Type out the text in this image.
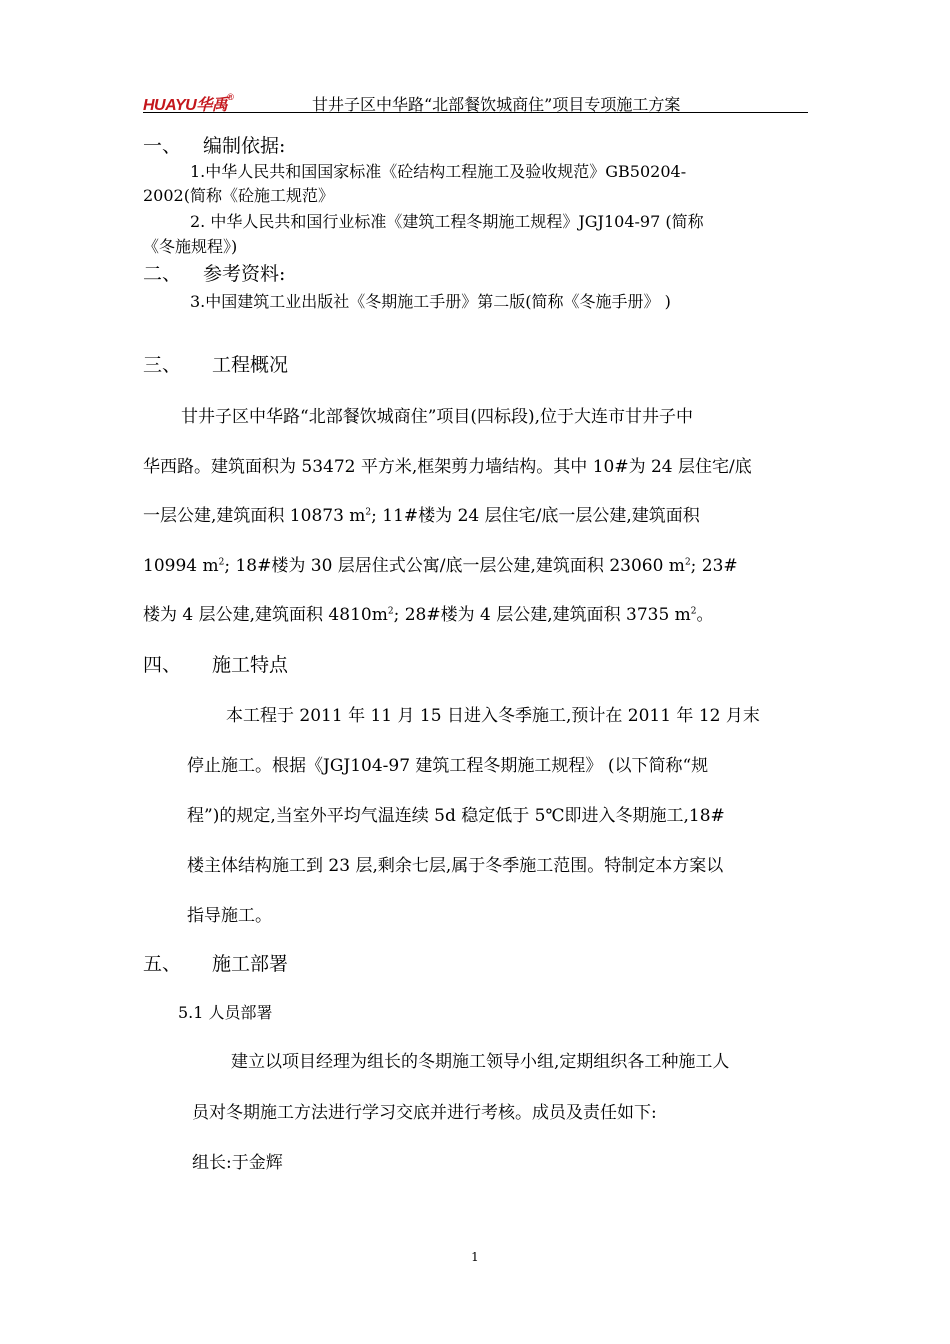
HUAYU华禹®	甘井子区中华路“北部餐饮城商住”项目专项施工方案
一、 编制依据:
1.中华人民共和国国家标准《砼结构工程施工及验收规范》GB50204-
2002(简称《砼施工规范》
2. 中华人民共和国行业标准《建筑工程冬期施工规程》JGJ104-97 (简称
《冬施规程》)
二、 参考资料:
3.中国建筑工业出版社《冬期施工手册》第二版(简称《冬施手册》 )
三、 工程概况
甘井子区中华路“北部餐饮城商住”项目(四标段),位于大连市甘井子中
华西路。建筑面积为 53472 平方米,框架剪力墙结构。其中 10#为 24 层住宅/底
一层公建,建筑面积 10873 $m^2$; 11#楼为 24 层住宅/底一层公建,建筑面积
10994 $m^2$; 18#楼为 30 层居住式公寓/底一层公建,建筑面积 23060 $m^2$; 23#
楼为 4 层公建,建筑面积 $4810m^2$; 28#楼为 4 层公建,建筑面积 3735 $m^2$。
四、 施工特点
本工程于 2011 年 11 月 15 日进入冬季施工,预计在 2011 年 12 月末
停止施工。根据《JGJ104-97 建筑工程冬期施工规程》 (以下简称“规
程”)的规定,当室外平均气温连续 5d 稳定低于 5℃即进入冬期施工,18#
楼主体结构施工到 23 层,剩余七层,属于冬季施工范围。特制定本方案以
指导施工。
五、 施工部署
5.1 人员部署
建立以项目经理为组长的冬期施工领导小组,定期组织各工种施工人
员对冬期施工方法进行学习交底并进行考核。成员及责任如下:
组长:于金辉
1
